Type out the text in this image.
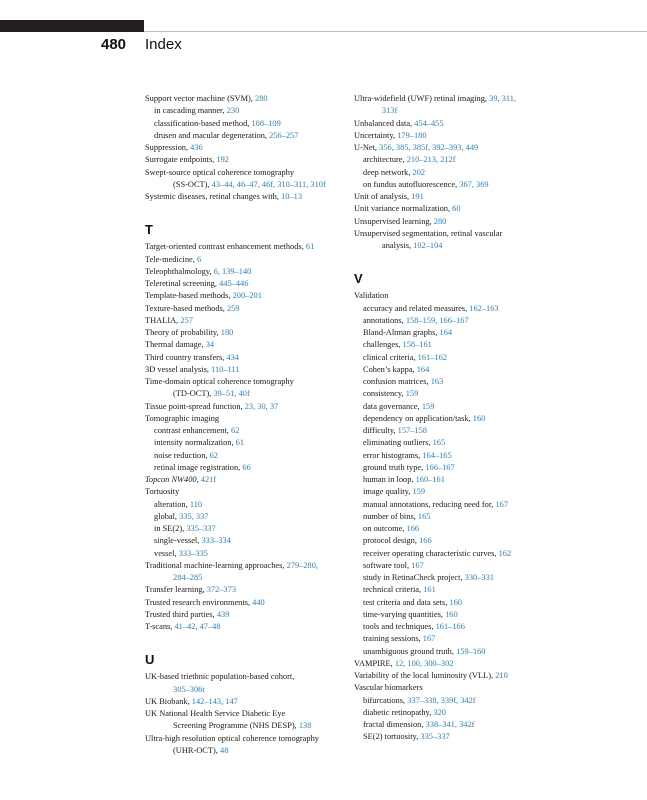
480 Index
Support vector machine (SVM), 280
in cascading manner, 230
classification-based method, 108–109
drusen and macular degeneration, 256–257
Suppression, 436
Surrogate endpoints, 192
Swept-source optical coherence tomography
(SS-OCT), 43–44, 46–47, 46f, 310–311, 310f
Systemic diseases, retinal changes with, 10–13
T
Target-oriented contrast enhancement methods, 61
Tele-medicine, 6
Teleophthalmology, 6, 139–140
Teleretinal screening, 445–446
Template-based methods, 200–201
Texture-based methods, 259
THALIA, 257
Theory of probability, 180
Thermal damage, 34
Third country transfers, 434
3D vessel analysis, 110–111
Time-domain optical coherence tomography
(TD-OCT), 39–51, 40f
Tissue point-spread function, 23, 30, 37
Tomographic imaging
contrast enhancement, 62
intensity normalization, 61
noise reduction, 62
retinal image registration, 66
Topcon NW400, 421f
Tortuosity
alteration, 110
global, 335, 337
in SE(2), 335–337
single-vessel, 333–334
vessel, 333–335
Traditional machine-learning approaches, 279–280,
284–285
Transfer learning, 372–373
Trusted research environments, 440
Trusted third parties, 439
T-scans, 41–42, 47–48
U
UK-based triethnic population-based cohort,
305–306t
UK Biobank, 142–143, 147
UK National Health Service Diabetic Eye
Screening Programme (NHS DESP), 138
Ultra-high resolution optical coherence tomography
(UHR-OCT), 48
Ultra-widefield (UWF) retinal imaging, 39, 311,
313f
Unbalanced data, 454–455
Uncertainty, 179–180
U-Net, 356, 385, 385f, 392–393, 449
architecture, 210–213, 212f
deep network, 202
on fundus autofluorescence, 367, 369
Unit of analysis, 191
Unit variance normalization, 60
Unsupervised learning, 280
Unsupervised segmentation, retinal vascular
analysis, 102–104
V
Validation
accuracy and related measures, 162–163
annotations, 158–159, 166–167
Bland-Altman graphs, 164
challenges, 158–161
clinical criteria, 161–162
Cohen’s kappa, 164
confusion matrices, 163
consistency, 159
data governance, 159
dependency on application/task, 160
difficulty, 157–158
eliminating outliers, 165
error histograms, 164–165
ground truth type, 166–167
human in loop, 160–161
image quality, 159
manual annotations, reducing need for, 167
number of bins, 165
on outcome, 166
protocol design, 166
receiver operating characteristic curves, 162
software tool, 167
study in RetinaCheck project, 330–331
technical criteria, 161
test criteria and data sets, 160
time-varying quantities, 160
tools and techniques, 161–166
training sessions, 167
unambiguous ground truth, 159–160
VAMPIRE, 12, 100, 300–302
Variability of the local luminosity (VLL), 210
Vascular biomarkers
bifurcations, 337–338, 339f, 342f
diabetic retinopathy, 320
fractal dimension, 338–341, 342f
SE(2) tortuosity, 335–337
